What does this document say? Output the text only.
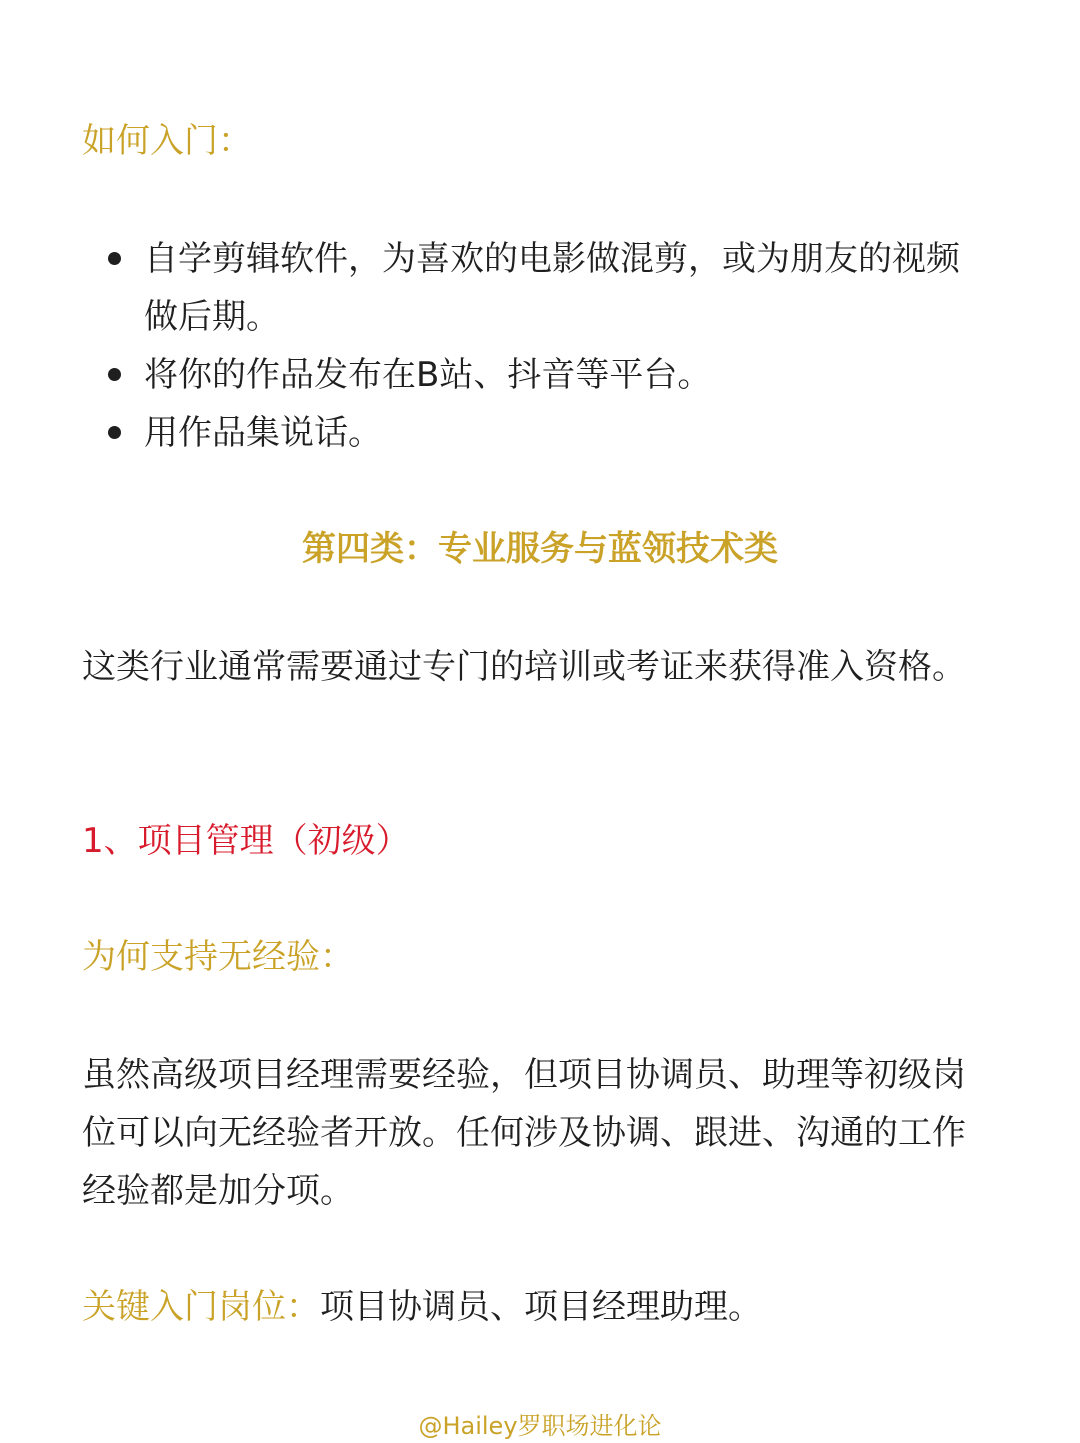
如何入门：
自学剪辑软件，为喜欢的电影做混剪，或为朋友的视频做后期。
将你的作品发布在B站、抖音等平台。
用作品集说话。
第四类：专业服务与蓝领技术类
这类行业通常需要通过专门的培训或考证来获得准入资格。
1、项目管理（初级）
为何支持无经验：
虽然高级项目经理需要经验，但项目协调员、助理等初级岗位可以向无经验者开放。任何涉及协调、跟进、沟通的工作经验都是加分项。
关键入门岗位：项目协调员、项目经理助理。
@Hailey罗职场进化论
